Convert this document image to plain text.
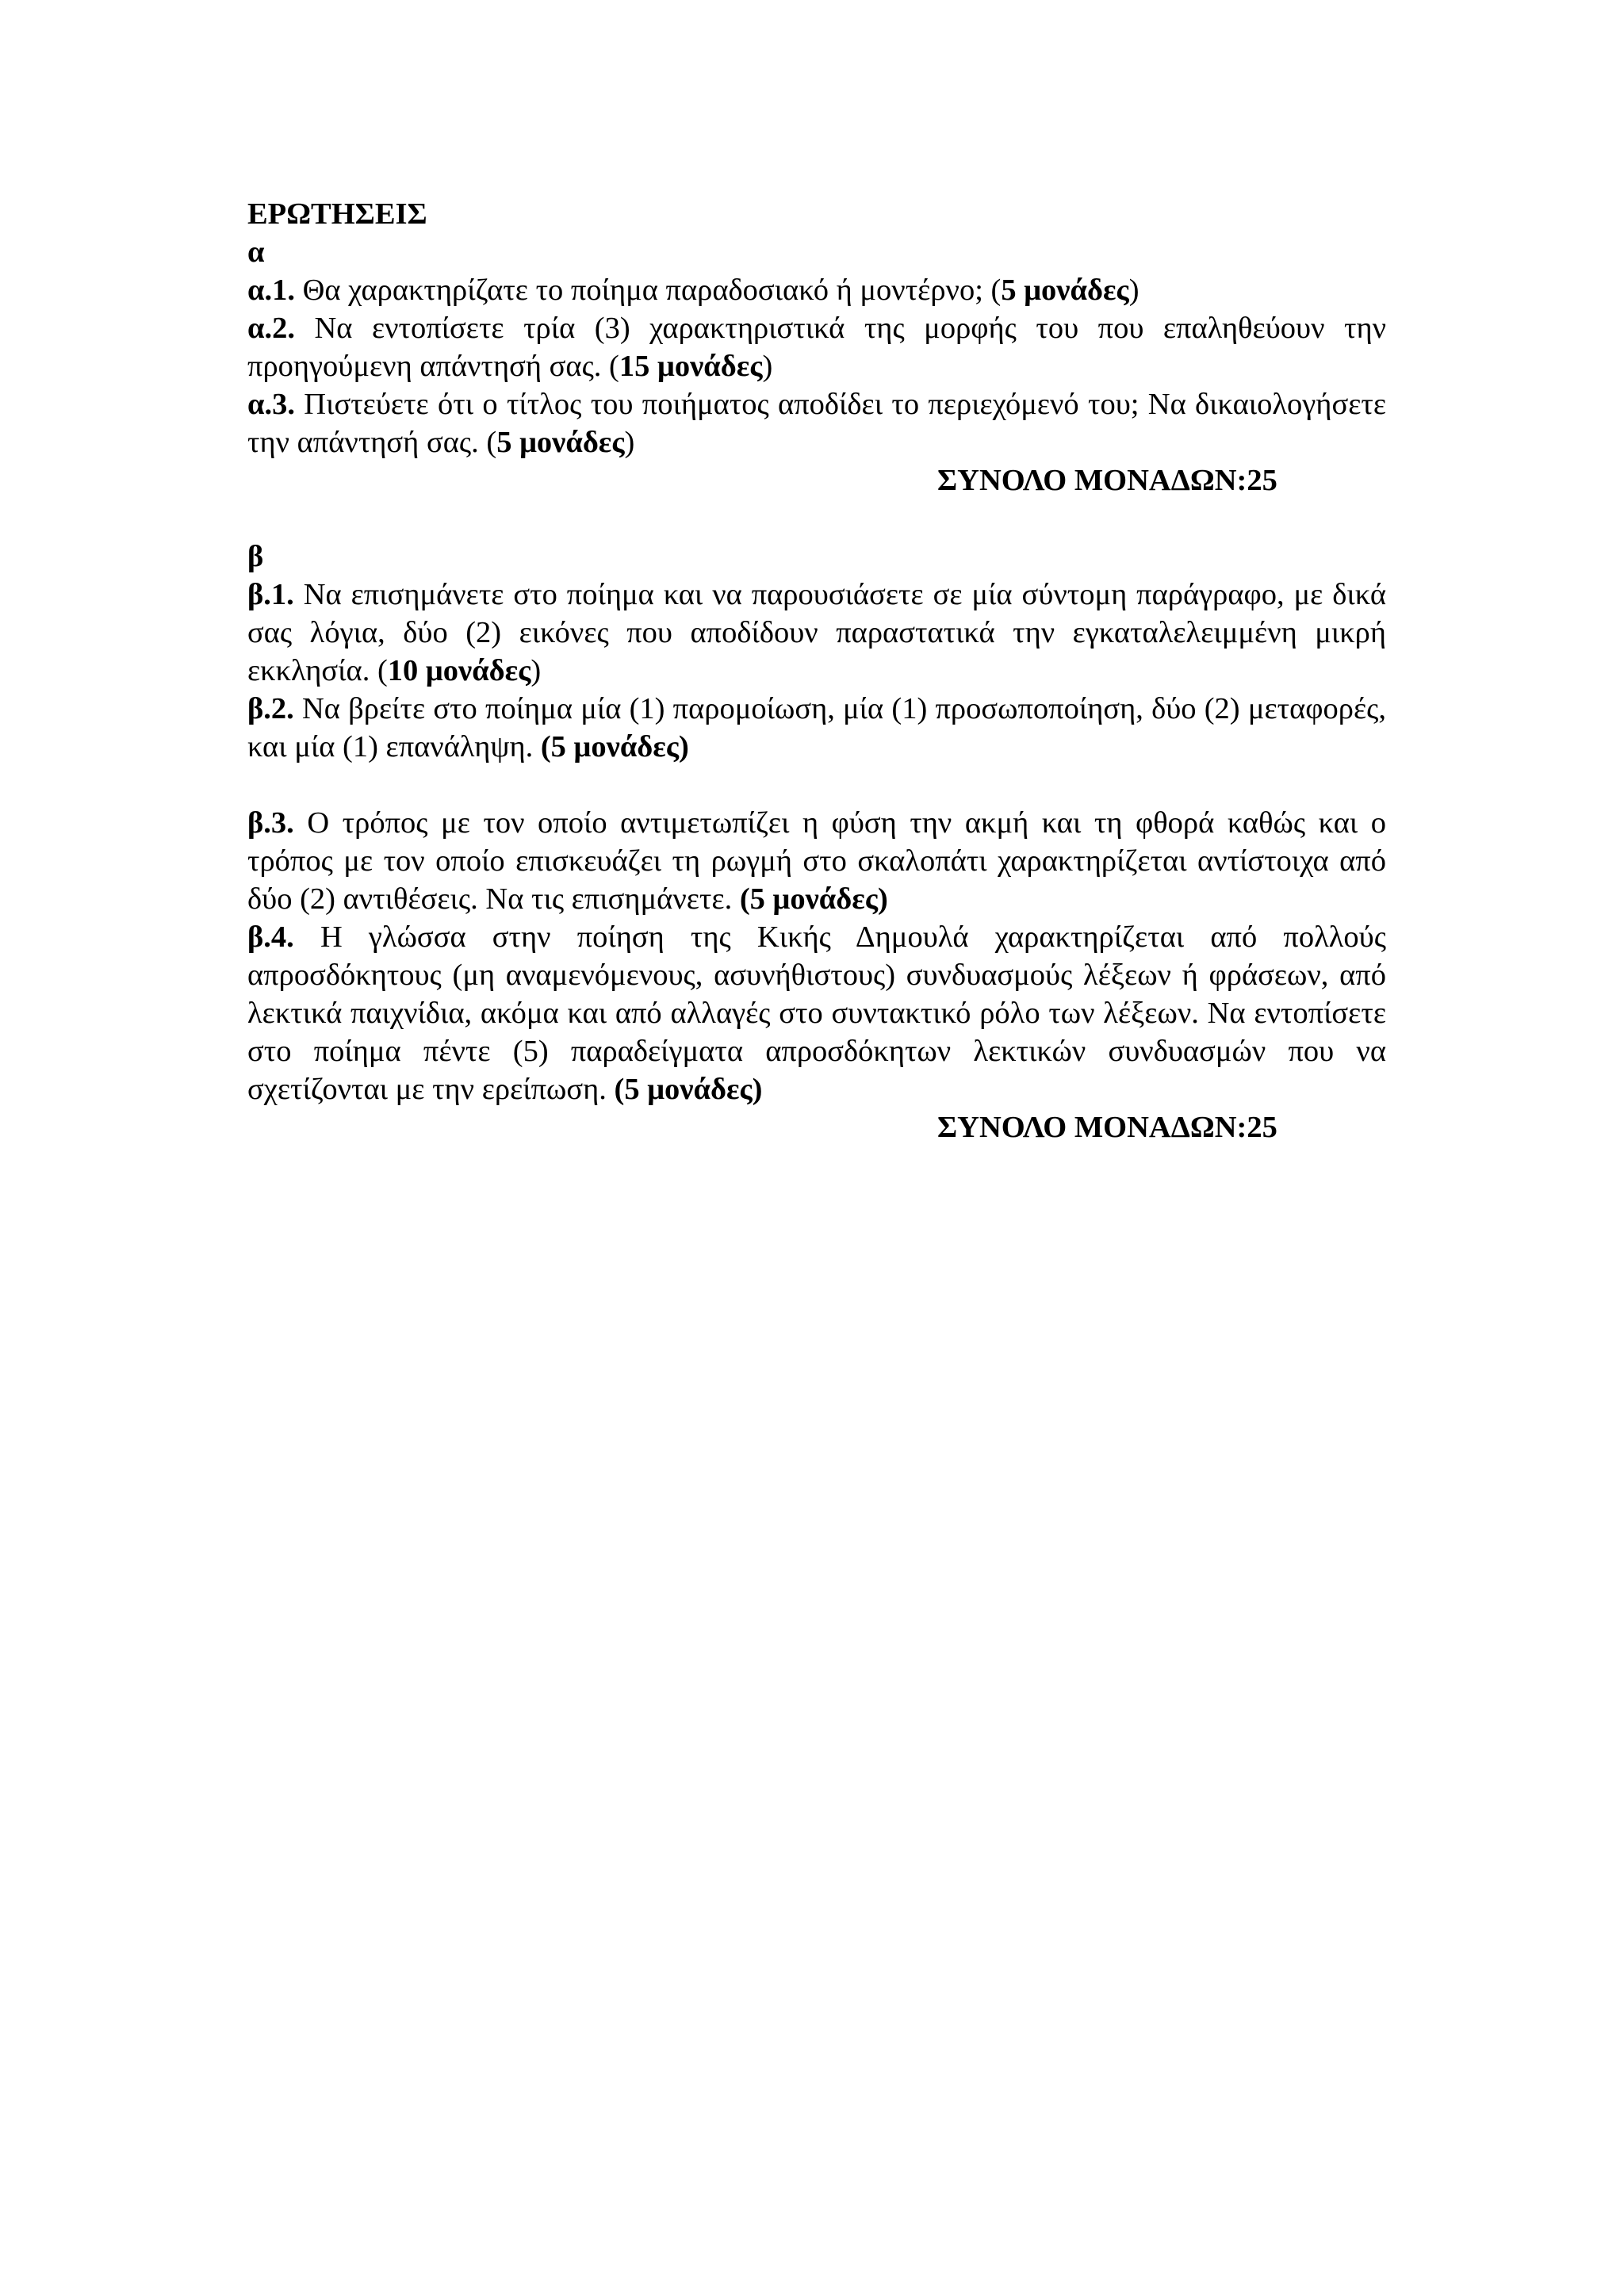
ΕΡΩΤΗΣΕΙΣ

α

α.1. Θα χαρακτηρίζατε το ποίημα παραδοσιακό ή μοντέρνο; (5 μονάδες)

α.2. Να εντοπίσετε τρία (3) χαρακτηριστικά της μορφής του που επαληθεύουν την προηγούμενη απάντησή σας. (15 μονάδες)

α.3. Πιστεύετε ότι ο τίτλος του ποιήματος αποδίδει το περιεχόμενό του; Να δικαιολογήσετε την απάντησή σας. (5 μονάδες)

ΣΥΝΟΛΟ ΜΟΝΑΔΩΝ:25

β

β.1. Να επισημάνετε στο ποίημα και να παρουσιάσετε σε μία σύντομη παράγραφο, με δικά σας λόγια, δύο (2) εικόνες που αποδίδουν παραστατικά την εγκαταλελειμμένη μικρή εκκλησία. (10 μονάδες)

β.2. Να βρείτε στο ποίημα μία (1) παρομοίωση, μία (1) προσωποποίηση, δύο (2) μεταφορές, και μία (1) επανάληψη. (5 μονάδες)

β.3. Ο τρόπος με τον οποίο αντιμετωπίζει η φύση την ακμή και τη φθορά καθώς και ο τρόπος με τον οποίο επισκευάζει τη ρωγμή στο σκαλοπάτι χαρακτηρίζεται αντίστοιχα από δύο (2) αντιθέσεις. Να τις επισημάνετε. (5 μονάδες)

β.4. Η γλώσσα στην ποίηση της Κικής Δημουλά χαρακτηρίζεται από πολλούς απροσδόκητους (μη αναμενόμενους, ασυνήθιστους) συνδυασμούς λέξεων ή φράσεων, από λεκτικά παιχνίδια, ακόμα και από αλλαγές στο συντακτικό ρόλο των λέξεων. Να εντοπίσετε στο ποίημα πέντε (5) παραδείγματα απροσδόκητων λεκτικών συνδυασμών που να σχετίζονται με την ερείπωση. (5 μονάδες)

ΣΥΝΟΛΟ ΜΟΝΑΔΩΝ:25
